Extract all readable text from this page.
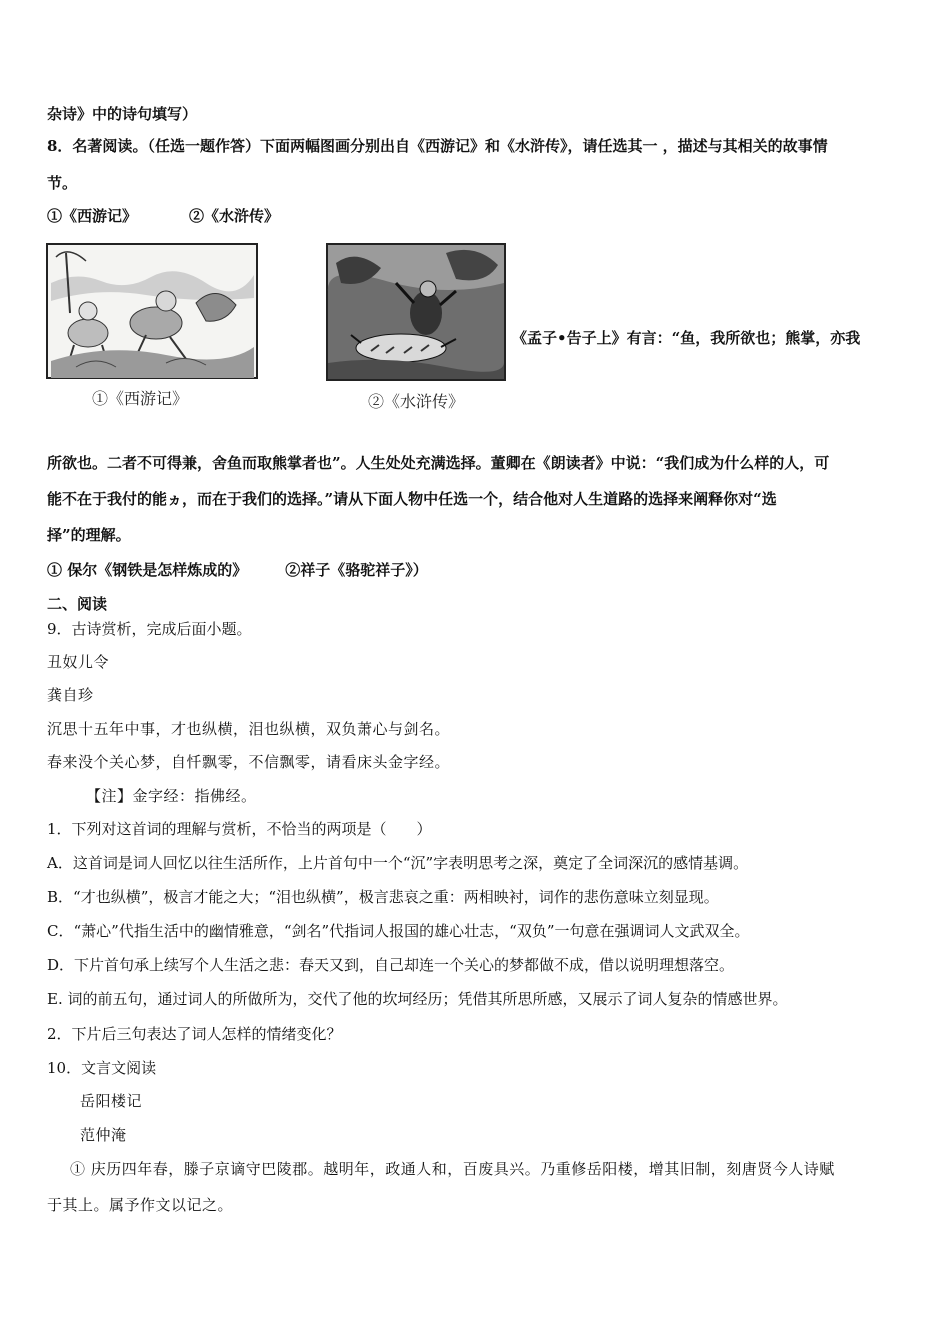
杂诗》中的诗句填写）
8．名著阅读。（任选一题作答）下面两幅图画分别出自《西游记》和《水浒传》，请任选其一 ，描述与其相关的故事情
节。
①《西游记》	②《水浒传》
①《西游记》	②《水浒传》
《孟子•告子上》有言：“鱼，我所欲也；熊掌，亦我
所欲也。二者不可得兼，舍鱼而取熊掌者也”。人生处处充满选择。董卿在《朗读者》中说：“我们成为什么样的人，可
能不在于我付的能ヵ，而在于我们的选择。”请从下面人物中任选一个，结合他对人生道路的选择来阐释你对“选
择”的理解。
① 保尔《钢铁是怎样炼成的》	②祥子《骆驼祥子》）
二、阅读
9．古诗赏析，完成后面小题。
丑奴儿令
龚自珍
沉思十五年中事，才也纵横，泪也纵横，双负萧心与剑名。
春来没个关心梦，自忏飘零，不信飘零，请看床头金字经。
【注】金字经：指佛经。
1．下列对这首词的理解与赏析，不恰当的两项是（　　）
A．这首词是词人回忆以往生活所作，上片首句中一个“沉”字表明思考之深，奠定了全词深沉的感情基调。
B．“才也纵横”，极言才能之大；“泪也纵横”，极言悲哀之重：两相映衬，词作的悲伤意味立刻显现。
C．“萧心”代指生活中的幽情雅意，“剑名”代指词人报国的雄心壮志，“双负”一句意在强调词人文武双全。
D．下片首句承上续写个人生活之悲：春天又到，自己却连一个关心的梦都做不成，借以说明理想落空。
E. 词的前五句，通过词人的所做所为，交代了他的坎坷经历；凭借其所思所感，又展示了词人复杂的情感世界。
2．下片后三句表达了词人怎样的情绪变化？
10．文言文阅读
岳阳楼记
范仲淹
① 庆历四年春，滕子京谪守巴陵郡。越明年，政通人和，百废具兴。乃重修岳阳楼，增其旧制，刻唐贤今人诗赋
于其上。属予作文以记之。
